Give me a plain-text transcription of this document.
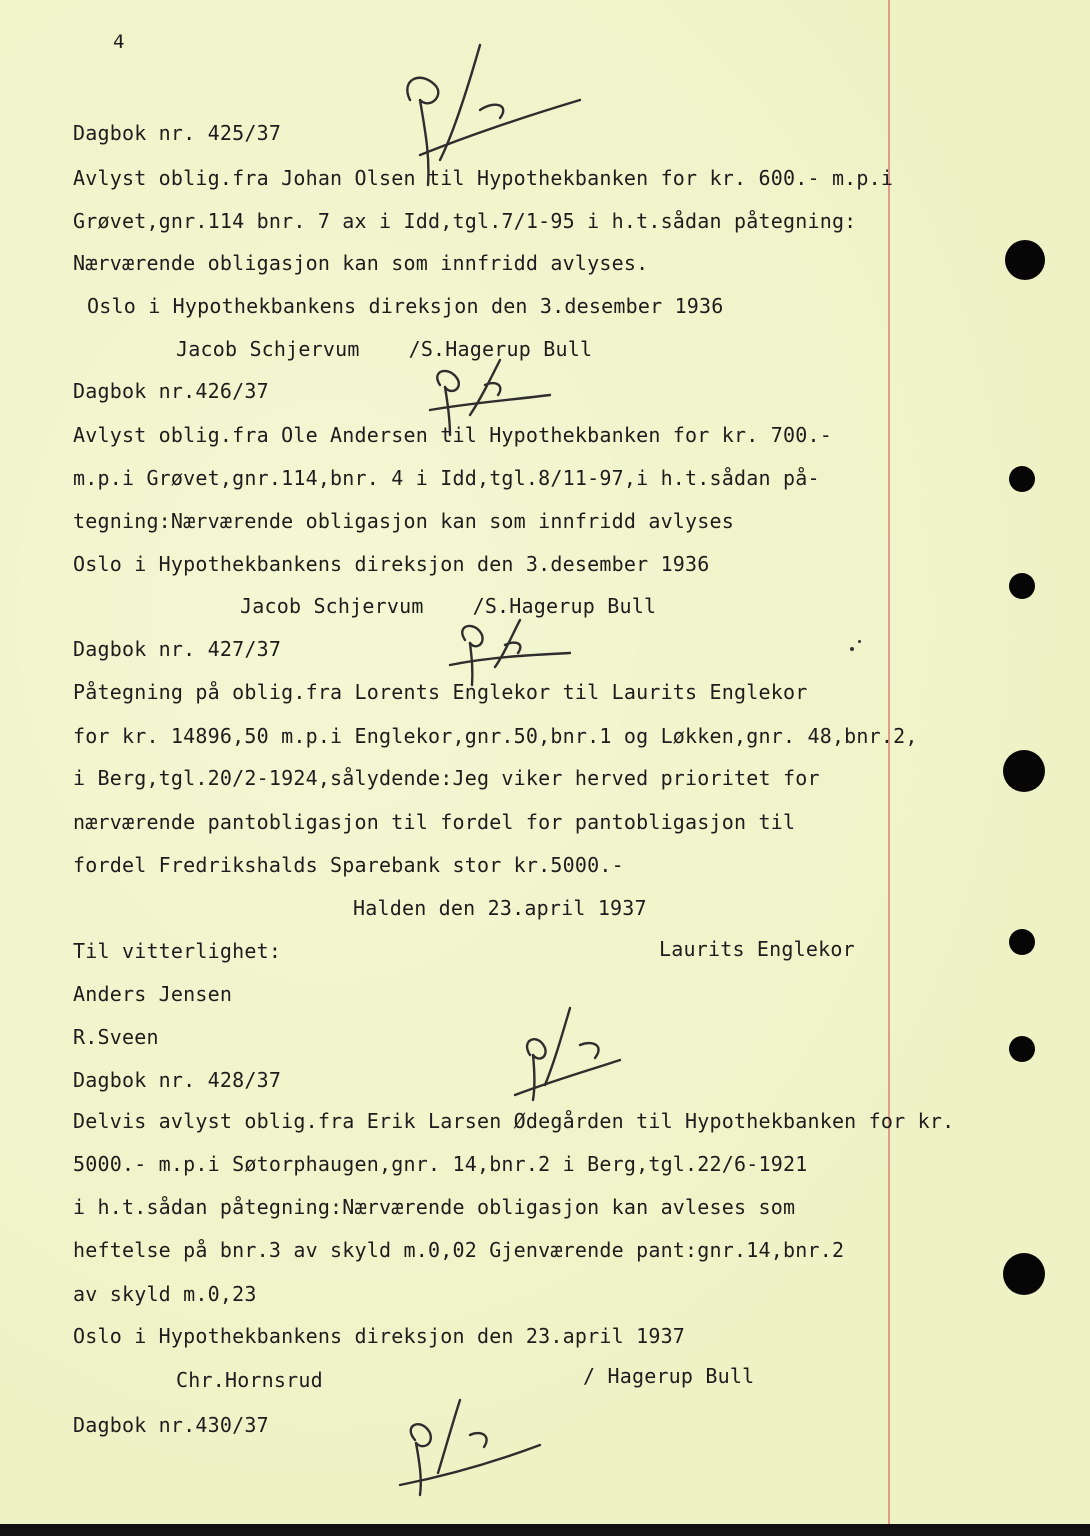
4
Dagbok nr. 425/37
Avlyst oblig.fra Johan Olsen til Hypothekbanken for kr. 600.- m.p.i
Grøvet,gnr.114 bnr. 7 ax i Idd,tgl.7/1-95 i h.t.sådan påtegning:
Nærværende obligasjon kan som innfridd avlyses.
Oslo i Hypothekbankens direksjon den 3.desember 1936
Jacob Schjervum    /S.Hagerup Bull
Dagbok nr.426/37
Avlyst oblig.fra Ole Andersen til Hypothekbanken for kr. 700.-
m.p.i Grøvet,gnr.114,bnr. 4 i Idd,tgl.8/11-97,i h.t.sådan på-
tegning:Nærværende obligasjon kan som innfridd avlyses
Oslo i Hypothekbankens direksjon den 3.desember 1936
Jacob Schjervum    /S.Hagerup Bull
Dagbok nr. 427/37
Påtegning på oblig.fra Lorents Englekor til Laurits Englekor
for kr. 14896,50 m.p.i Englekor,gnr.50,bnr.1 og Løkken,gnr. 48,bnr.2,
i Berg,tgl.20/2-1924,sålydende:Jeg viker herved prioritet for
nærværende pantobligasjon til fordel for pantobligasjon til
fordel Fredrikshalds Sparebank stor kr.5000.-
Halden den 23.april 1937
Til vitterlighet:	Laurits Englekor
Anders Jensen
R.Sveen
Dagbok nr. 428/37
Delvis avlyst oblig.fra Erik Larsen Ødegården til Hypothekbanken for kr.
5000.- m.p.i Søtorphaugen,gnr. 14,bnr.2 i Berg,tgl.22/6-1921
i h.t.sådan påtegning:Nærværende obligasjon kan avleses som
heftelse på bnr.3 av skyld m.0,02 Gjenværende pant:gnr.14,bnr.2
av skyld m.0,23
Oslo i Hypothekbankens direksjon den 23.april 1937
Chr.Hornsrud	/ Hagerup Bull
Dagbok nr.430/37
